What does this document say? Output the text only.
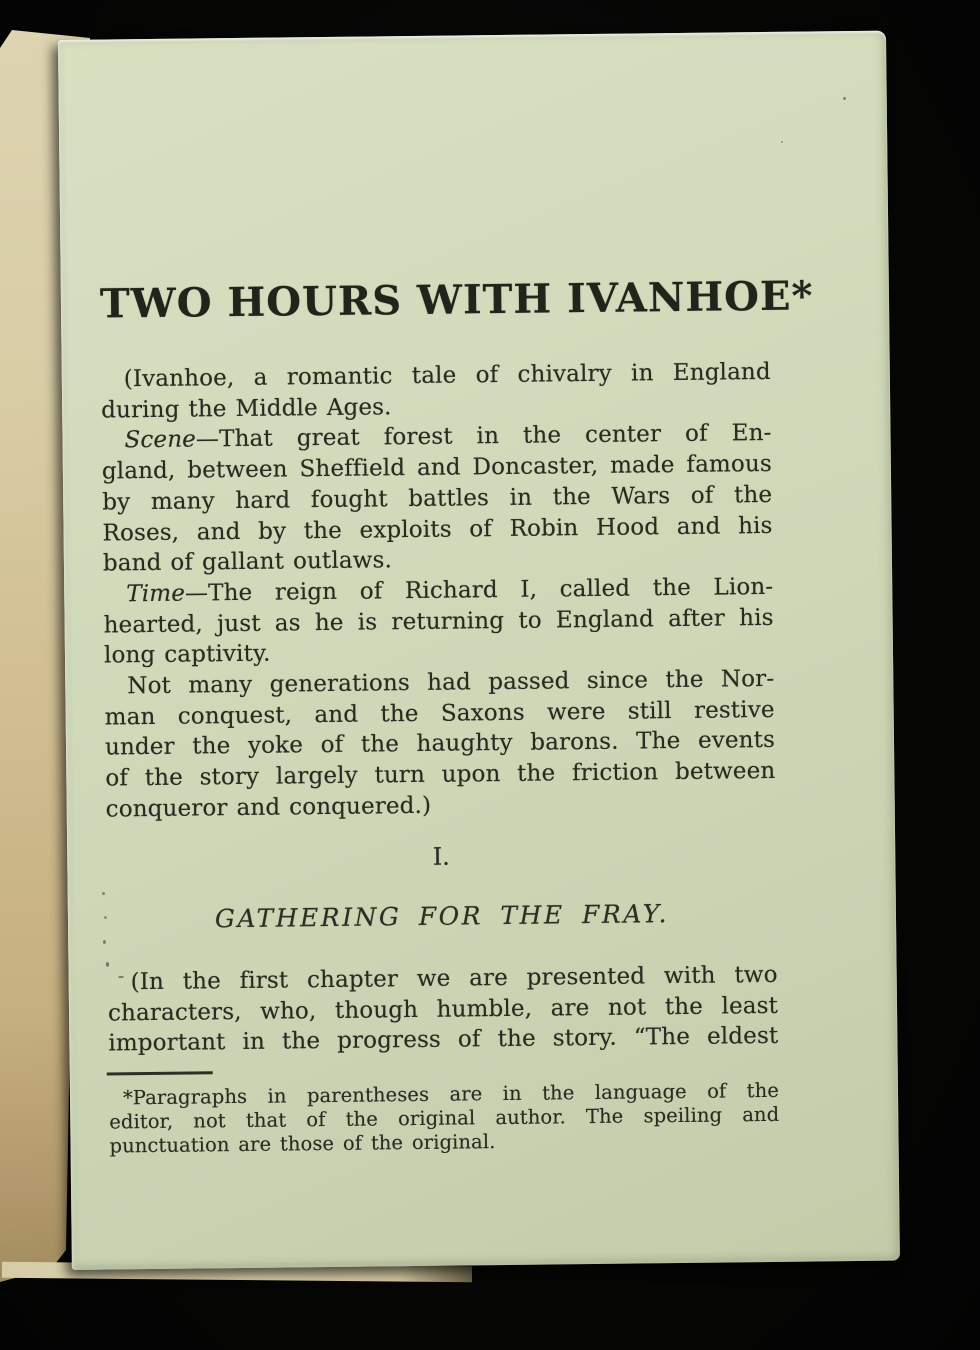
TWO HOURS WITH IVANHOE*
(Ivanhoe, a romantic tale of chivalry in England
during the Middle Ages.
Scene—That great forest in the center of En-
gland, between Sheffield and Doncaster, made famous
by many hard fought battles in the Wars of the
Roses, and by the exploits of Robin Hood and his
band of gallant outlaws.
Time—The reign of Richard I, called the Lion-
hearted, just as he is returning to England after his
long captivity.
Not many generations had passed since the Nor-
man conquest, and the Saxons were still restive
under the yoke of the haughty barons. The events
of the story largely turn upon the friction between
conqueror and conquered.)
I.
GATHERING FOR THE FRAY.
(In the first chapter we are presented with two
characters, who, though humble, are not the least
important in the progress of the story. “The eldest
*Paragraphs in parentheses are in the language of the
editor, not that of the original author. The speiling and
punctuation are those of the original.
